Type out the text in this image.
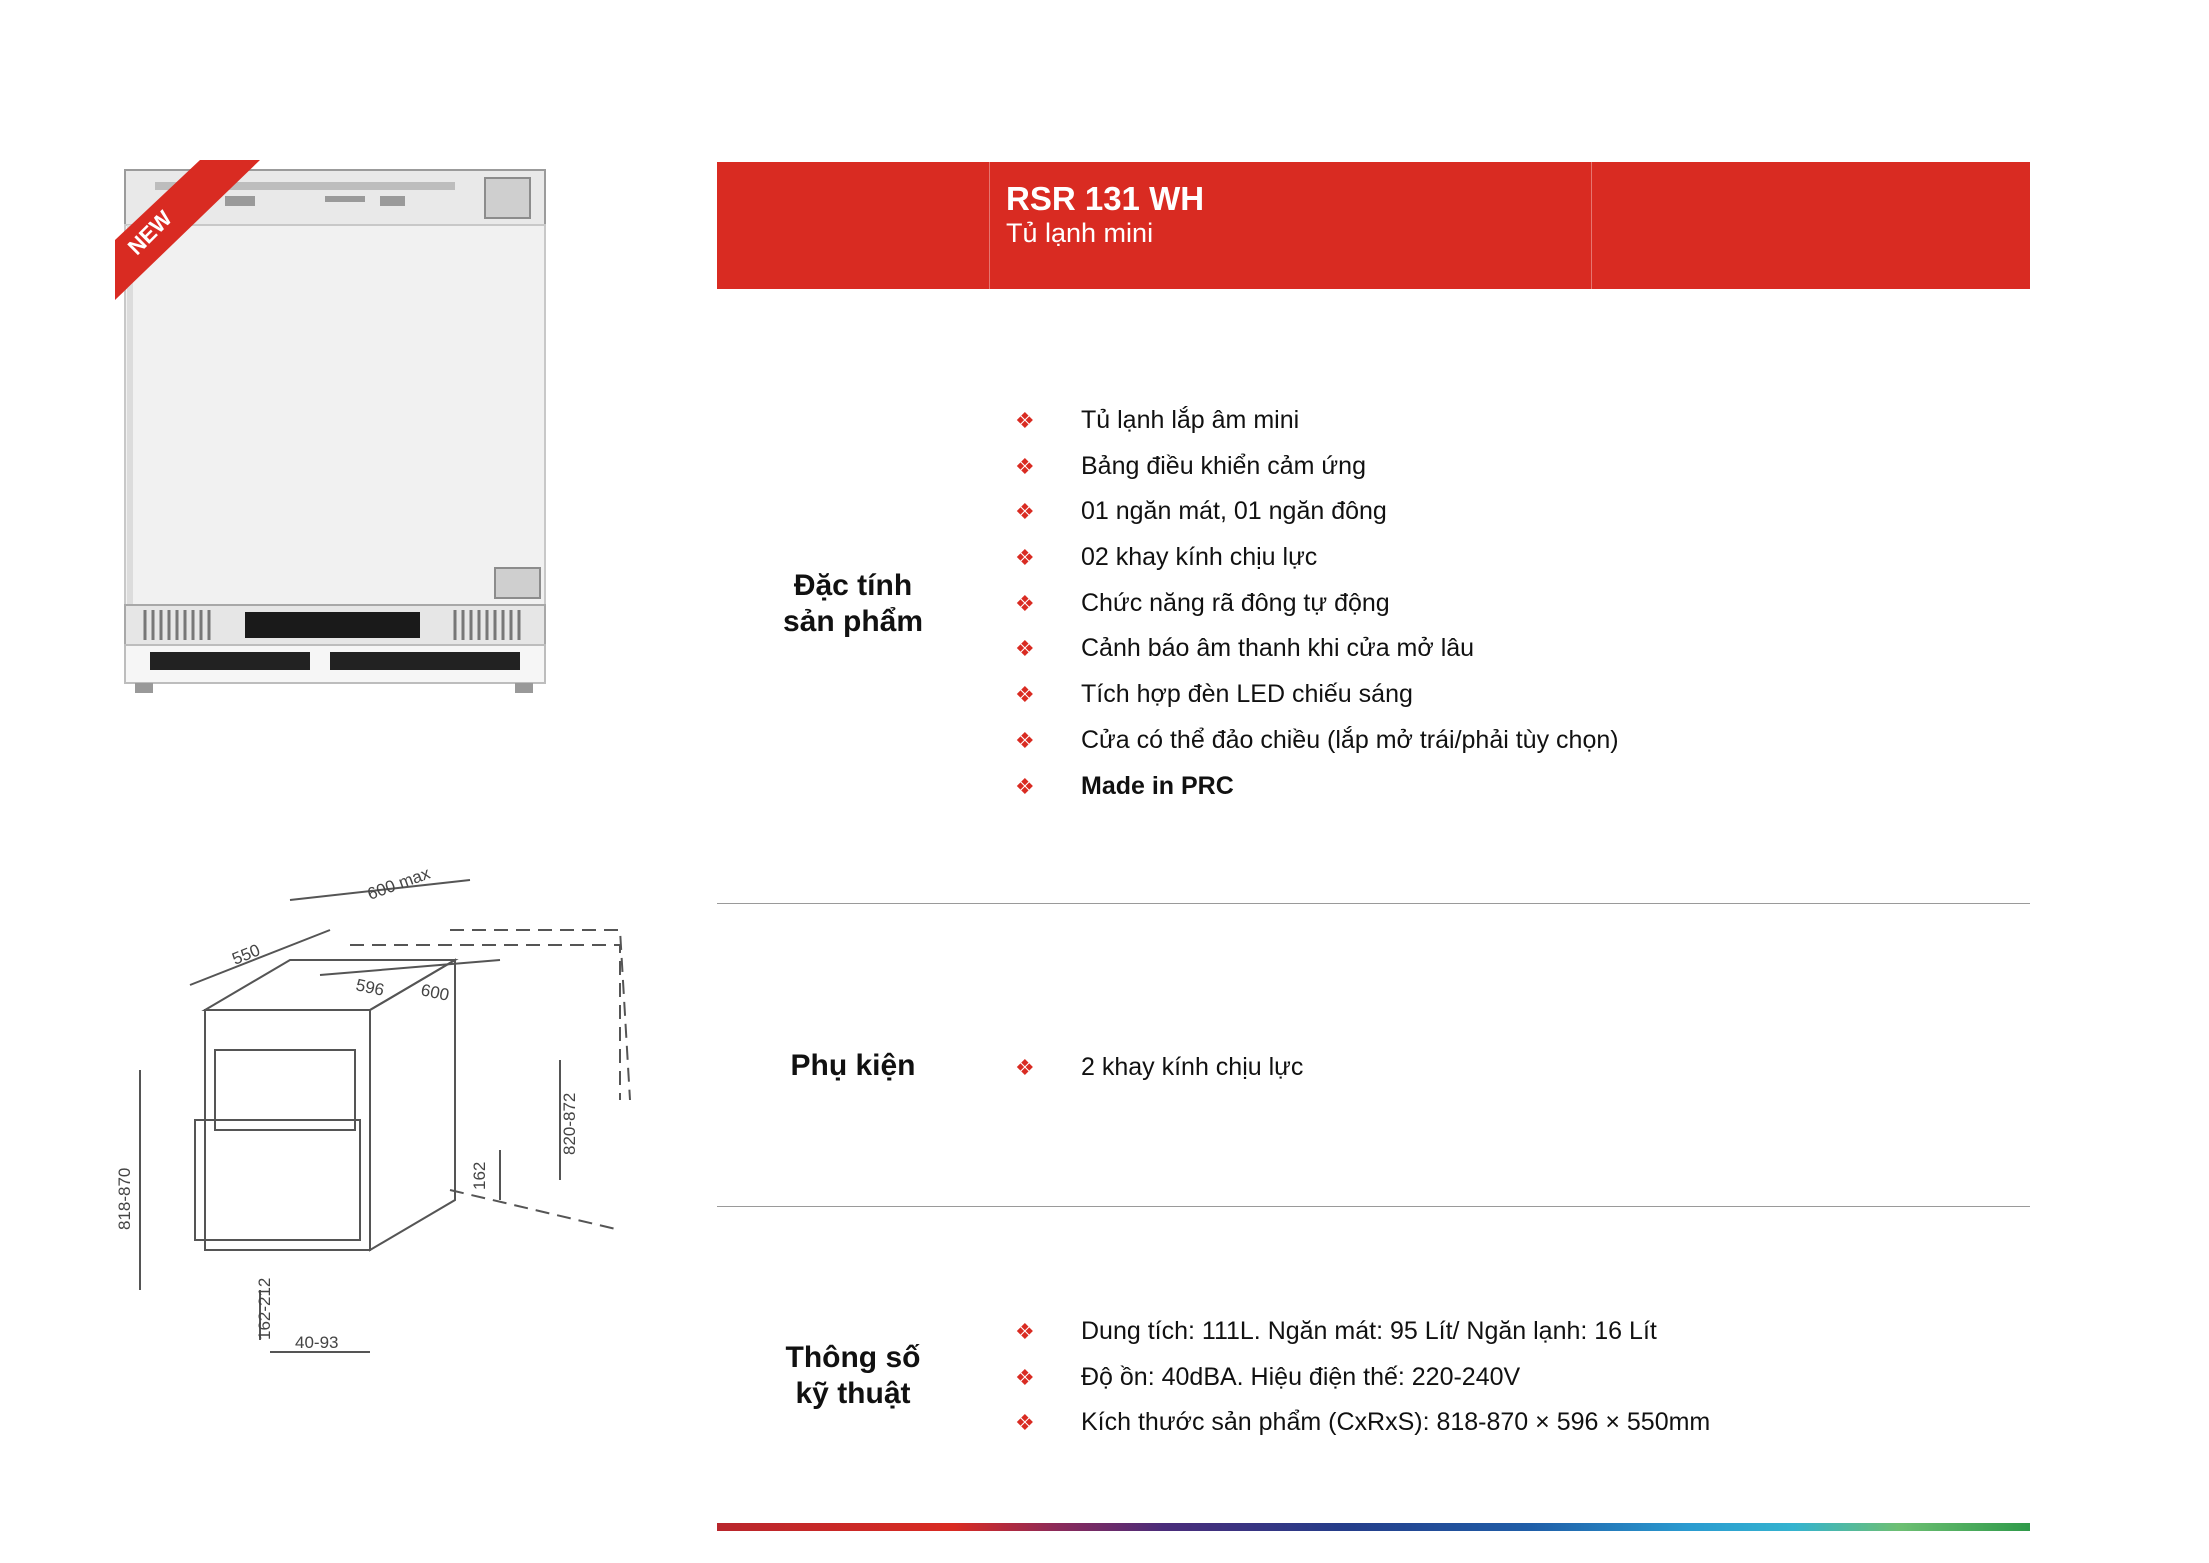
NEW
600 max
550
596 600
818-870
820-872
162
162-212
40-93
RSR 131 WH
Tủ lạnh mini
Đặc tính
sản phẩm
❖ Tủ lạnh lắp âm mini
❖ Bảng điều khiển cảm ứng
❖ 01 ngăn mát, 01 ngăn đông
❖ 02 khay kính chịu lực
❖ Chức năng rã đông tự động
❖ Cảnh báo âm thanh khi cửa mở lâu
❖ Tích hợp đèn LED chiếu sáng
❖ Cửa có thể đảo chiều (lắp mở trái/phải tùy chọn)
❖ Made in PRC
Phụ kiện	❖ 2 khay kính chịu lực
Thông số
kỹ thuật
❖ Dung tích: 111L. Ngăn mát: 95 Lít/ Ngăn lạnh: 16 Lít
❖ Độ ồn: 40dBA. Hiệu điện thế: 220-240V
❖ Kích thước sản phẩm (CxRxS): 818-870 × 596 × 550mm
